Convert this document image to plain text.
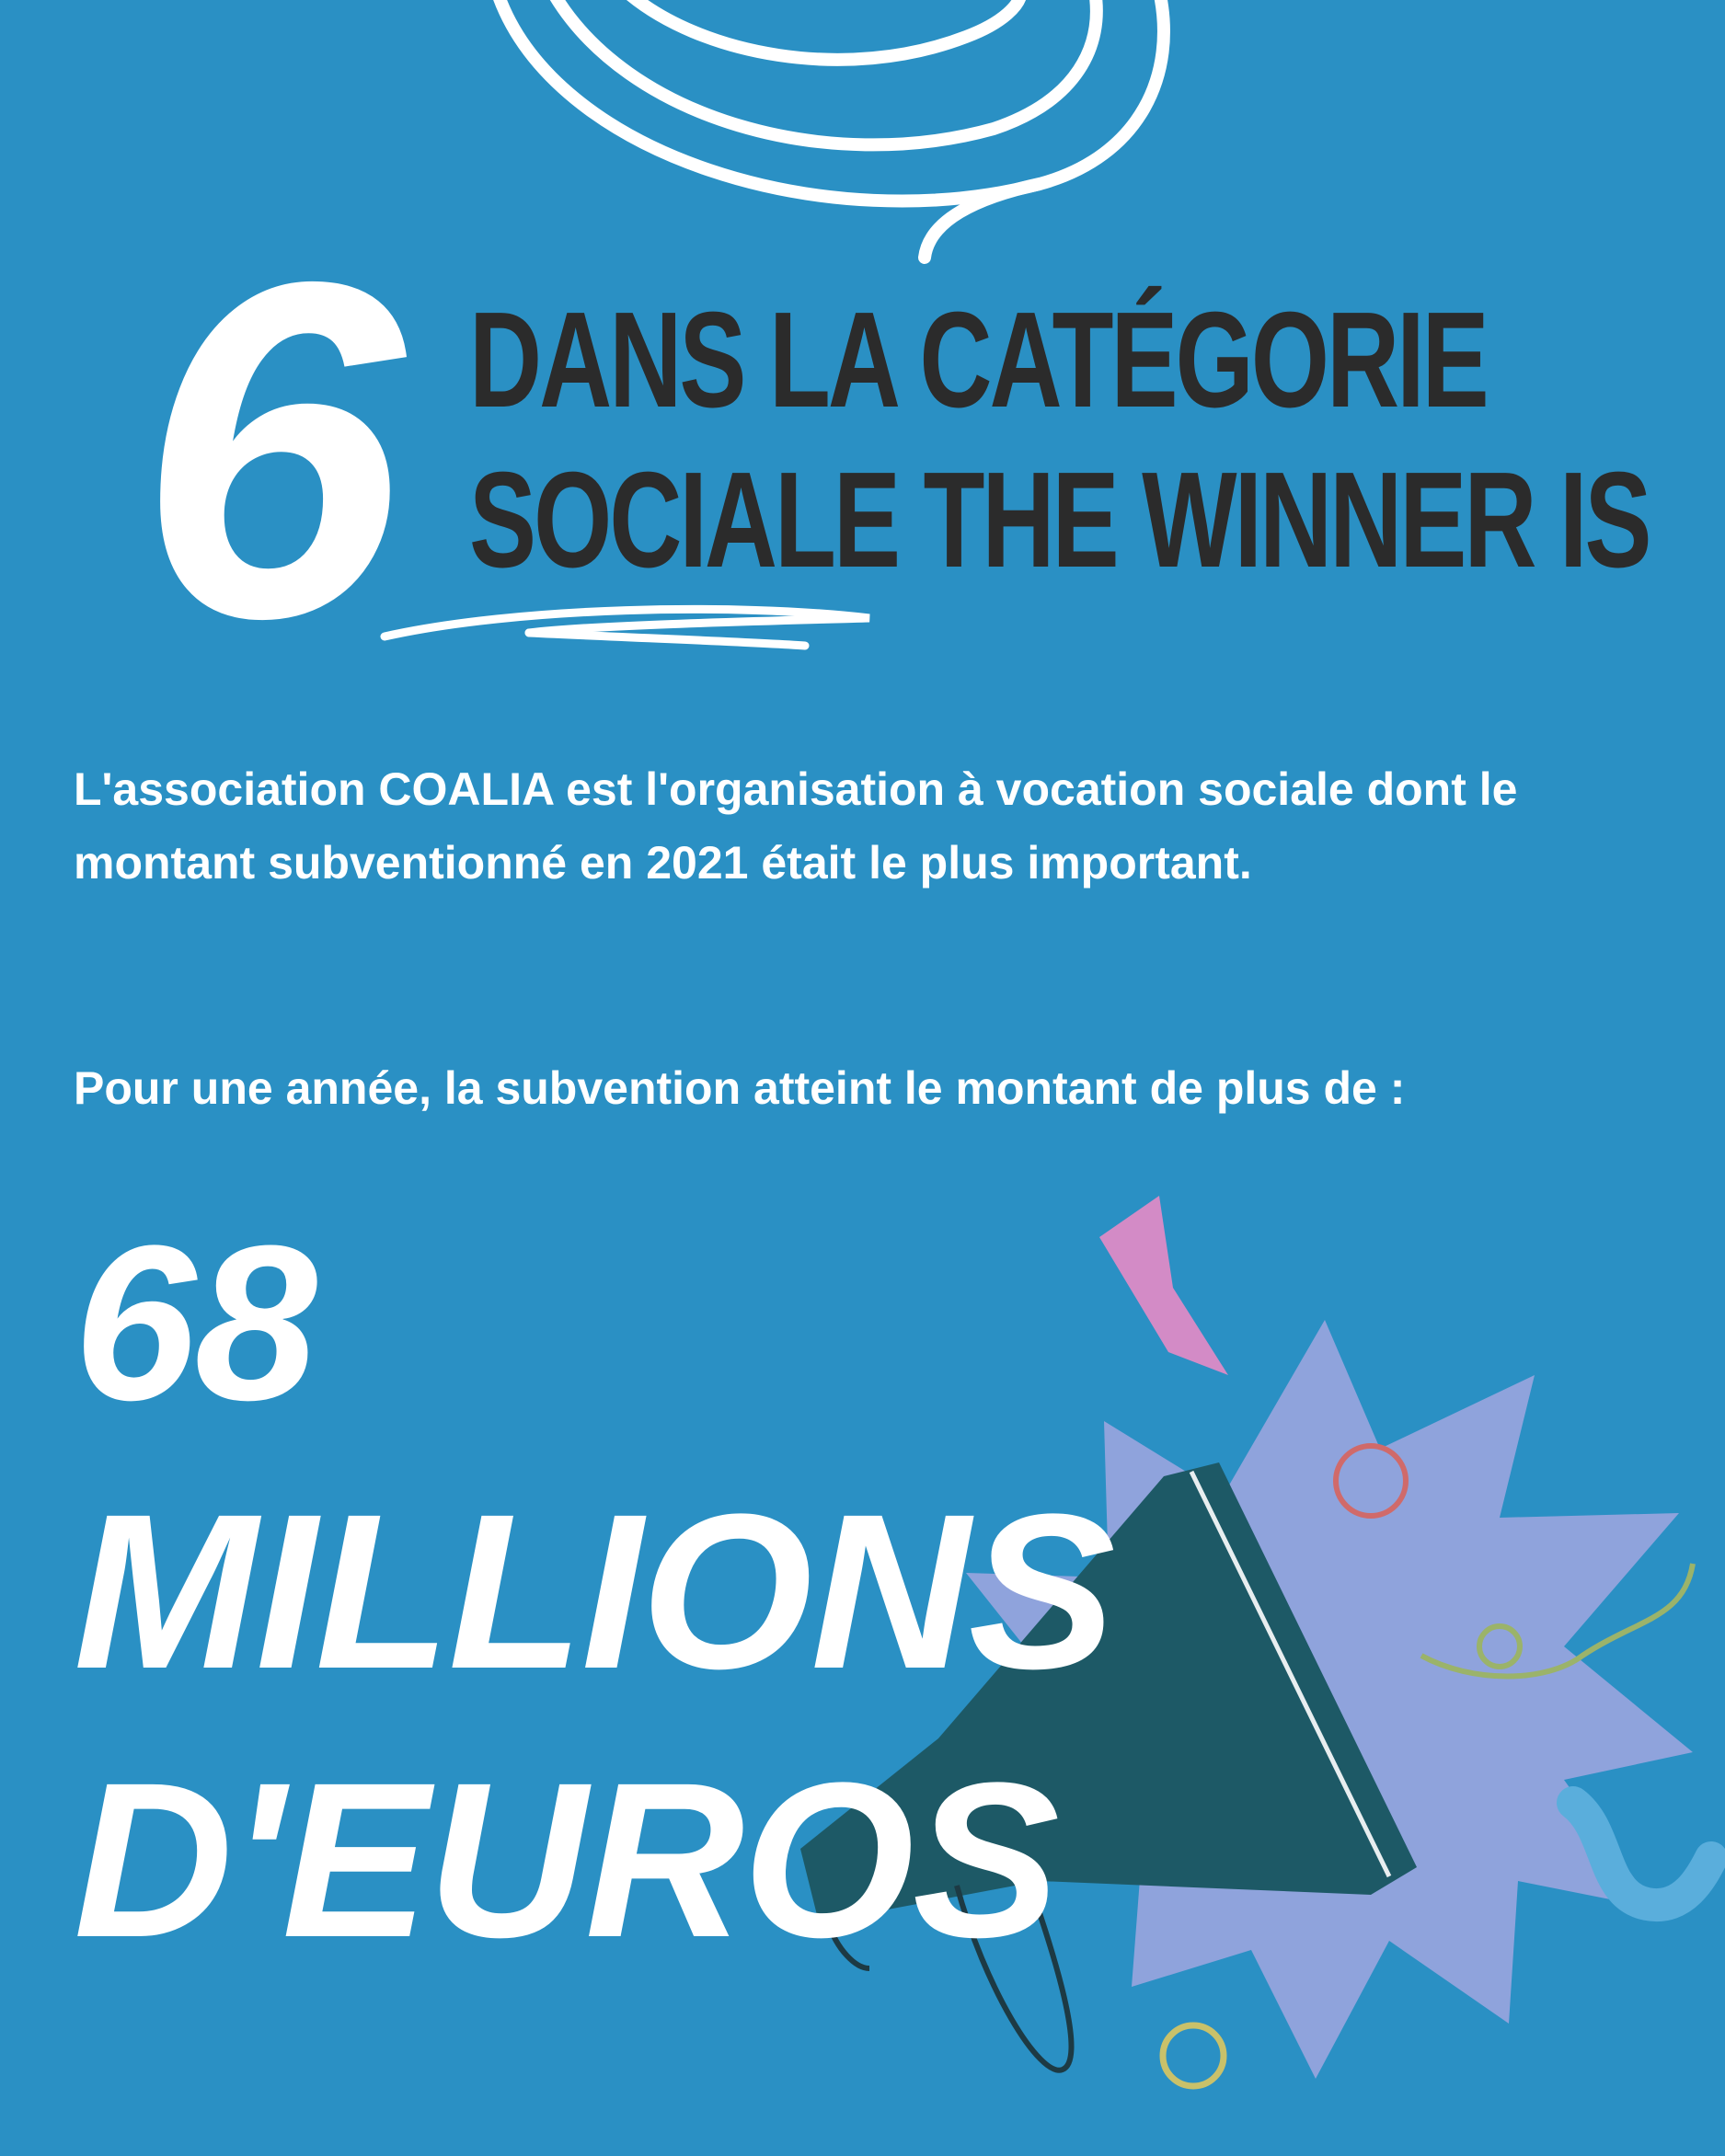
6 DANS LA CATÉGORIE
SOCIALE THE WINNER IS

L'association COALIA est l'organisation à vocation sociale dont le montant subventionné en 2021 était le plus important.

Pour une année, la subvention atteint le montant de plus de :

68
MILLIONS
D'EUROS
